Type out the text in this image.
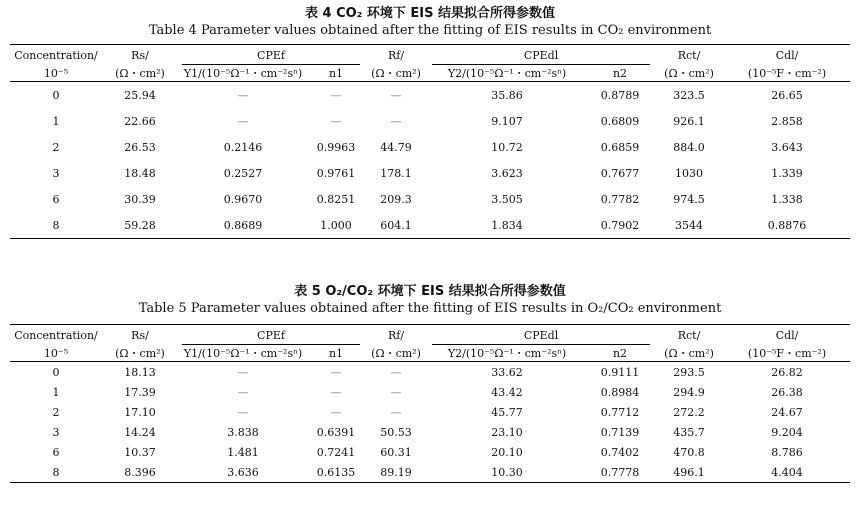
表 4 CO₂ 环境下 EIS 结果拟合所得参数值
Table 4 Parameter values obtained after the fitting of EIS results in CO₂ environment
Concentration/	Rs/	CPEf		Rf/	CPEdl		Rct/	Cdl/
10⁻⁵	(Ω・cm²)	Y1/(10⁻⁵Ω⁻¹・cm⁻²sⁿ)	n1	(Ω・cm²)	Y2/(10⁻⁵Ω⁻¹・cm⁻²sⁿ)	n2	(Ω・cm²)	(10⁻⁵F・cm⁻²)
0	25.94	—	—	—	35.86	0.8789	323.5	26.65
1	22.66	—	—	—	9.107	0.6809	926.1	2.858
2	26.53	0.2146	0.9963	44.79	10.72	0.6859	884.0	3.643
3	18.48	0.2527	0.9761	178.1	3.623	0.7677	1030	1.339
6	30.39	0.9670	0.8251	209.3	3.505	0.7782	974.5	1.338
8	59.28	0.8689	1.000	604.1	1.834	0.7902	3544	0.8876
表 5 O₂/CO₂ 环境下 EIS 结果拟合所得参数值
Table 5 Parameter values obtained after the fitting of EIS results in O₂/CO₂ environment
Concentration/	Rs/	CPEf		Rf/	CPEdl		Rct/	Cdl/
10⁻⁵	(Ω・cm²)	Y1/(10⁻⁵Ω⁻¹・cm⁻²sⁿ)	n1	(Ω・cm²)	Y2/(10⁻⁵Ω⁻¹・cm⁻²sⁿ)	n2	(Ω・cm²)	(10⁻⁵F・cm⁻²)
0	18.13	—	—	—	33.62	0.9111	293.5	26.82
1	17.39	—	—	—	43.42	0.8984	294.9	26.38
2	17.10	—	—	—	45.77	0.7712	272.2	24.67
3	14.24	3.838	0.6391	50.53	23.10	0.7139	435.7	9.204
6	10.37	1.481	0.7241	60.31	20.10	0.7402	470.8	8.786
8	8.396	3.636	0.6135	89.19	10.30	0.7778	496.1	4.404
